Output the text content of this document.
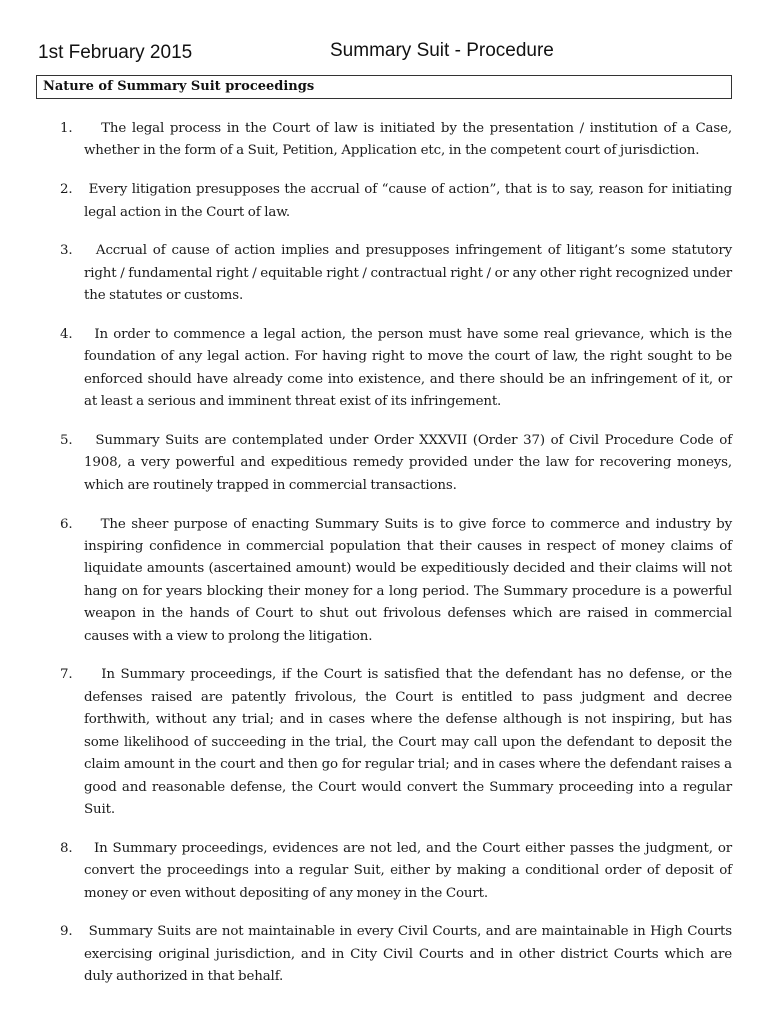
1st February 2015	Summary Suit - Procedure
Nature of Summary Suit proceedings
1. The legal process in the Court of law is initiated by the presentation / institution of a Case, whether in the form of a Suit, Petition, Application etc, in the competent court of jurisdiction.
2. Every litigation presupposes the accrual of “cause of action”, that is to say, reason for initiating legal action in the Court of law.
3. Accrual of cause of action implies and presupposes infringement of litigant’s some statutory right / fundamental right / equitable right / contractual right / or any other right recognized under the statutes or customs.
4. In order to commence a legal action, the person must have some real grievance, which is the foundation of any legal action. For having right to move the court of law, the right sought to be enforced should have already come into existence, and there should be an infringement of it, or at least a serious and imminent threat exist of its infringement.
5. Summary Suits are contemplated under Order XXXVII (Order 37) of Civil Procedure Code of 1908, a very powerful and expeditious remedy provided under the law for recovering moneys, which are routinely trapped in commercial transactions.
6. The sheer purpose of enacting Summary Suits is to give force to commerce and industry by inspiring confidence in commercial population that their causes in respect of money claims of liquidate amounts (ascertained amount) would be expeditiously decided and their claims will not hang on for years blocking their money for a long period. The Summary procedure is a powerful weapon in the hands of Court to shut out frivolous defenses which are raised in commercial causes with a view to prolong the litigation.
7. In Summary proceedings, if the Court is satisfied that the defendant has no defense, or the defenses raised are patently frivolous, the Court is entitled to pass judgment and decree forthwith, without any trial; and in cases where the defense although is not inspiring, but has some likelihood of succeeding in the trial, the Court may call upon the defendant to deposit the claim amount in the court and then go for regular trial; and in cases where the defendant raises a good and reasonable defense, the Court would convert the Summary proceeding into a regular Suit.
8. In Summary proceedings, evidences are not led, and the Court either passes the judgment, or convert the proceedings into a regular Suit, either by making a conditional order of deposit of money or even without depositing of any money in the Court.
9. Summary Suits are not maintainable in every Civil Courts, and are maintainable in High Courts exercising original jurisdiction, and in City Civil Courts and in other district Courts which are duly authorized in that behalf.
